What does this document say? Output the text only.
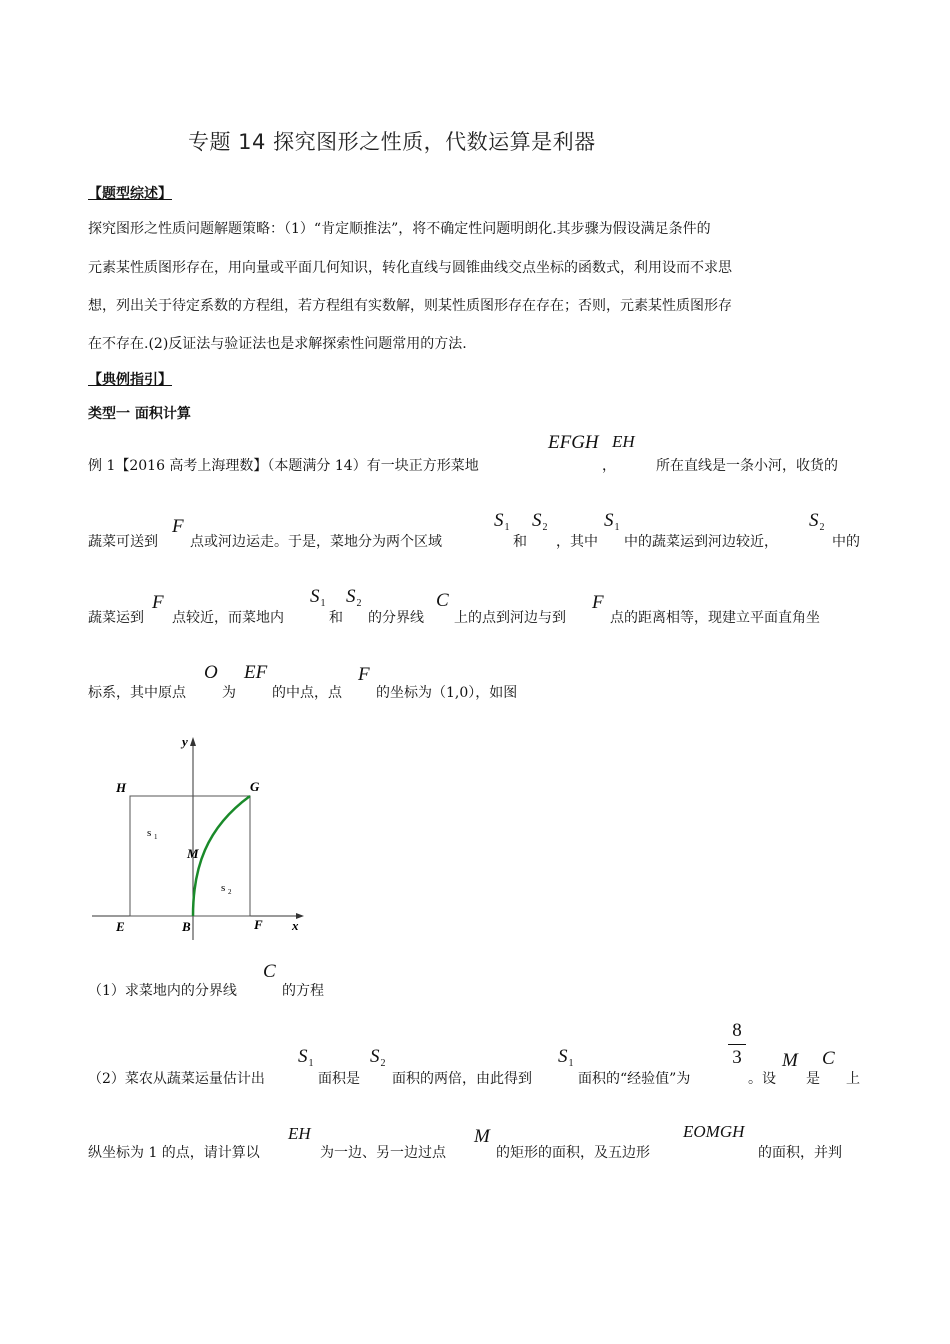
专题 14 探究图形之性质，代数运算是利器
【题型综述】
探究图形之性质问题解题策略：（1）“肯定顺推法”，将不确定性问题明朗化.其步骤为假设满足条件的
元素某性质图形存在，用向量或平面几何知识，转化直线与圆锥曲线交点坐标的函数式，利用设而不求思
想，列出关于待定系数的方程组，若方程组有实数解，则某性质图形存在存在；否则，元素某性质图形存
在不存在.(2)反证法与验证法也是求解探索性问题常用的方法.
【典例指引】
类型一 面积计算
例 1【2016 高考上海理数】（本题满分 14）有一块正方形菜地
EFGH
，
EH
所在直线是一条小河，收货的
蔬菜可送到
F
点或河边运走。于是，菜地分为两个区域
$S_1$
和
$S_2$
，其中
$S_1$
中的蔬菜运到河边较近，
$S_2$
中的
蔬菜运到
F
点较近，而菜地内
$S_1$
和
$S_2$
的分界线
C
上的点到河边与到
F
点的距离相等，现建立平面直角坐
标系，其中原点
O
为
EF
的中点，点
F
的坐标为（1,0），如图
y
x
H	G
M
E	B	F
s 1
s 2
（1）求菜地内的分界线
C
的方程
（2）菜农从蔬菜运量估计出
$S_1$
面积是
$S_2$
面积的两倍，由此得到
$S_1$
面积的“经验值”为
8
3
。设
M
是
C
上
纵坐标为 1 的点，请计算以
EH
为一边、另一边过点
M
的矩形的面积，及五边形
EOMGH
的面积，并判
